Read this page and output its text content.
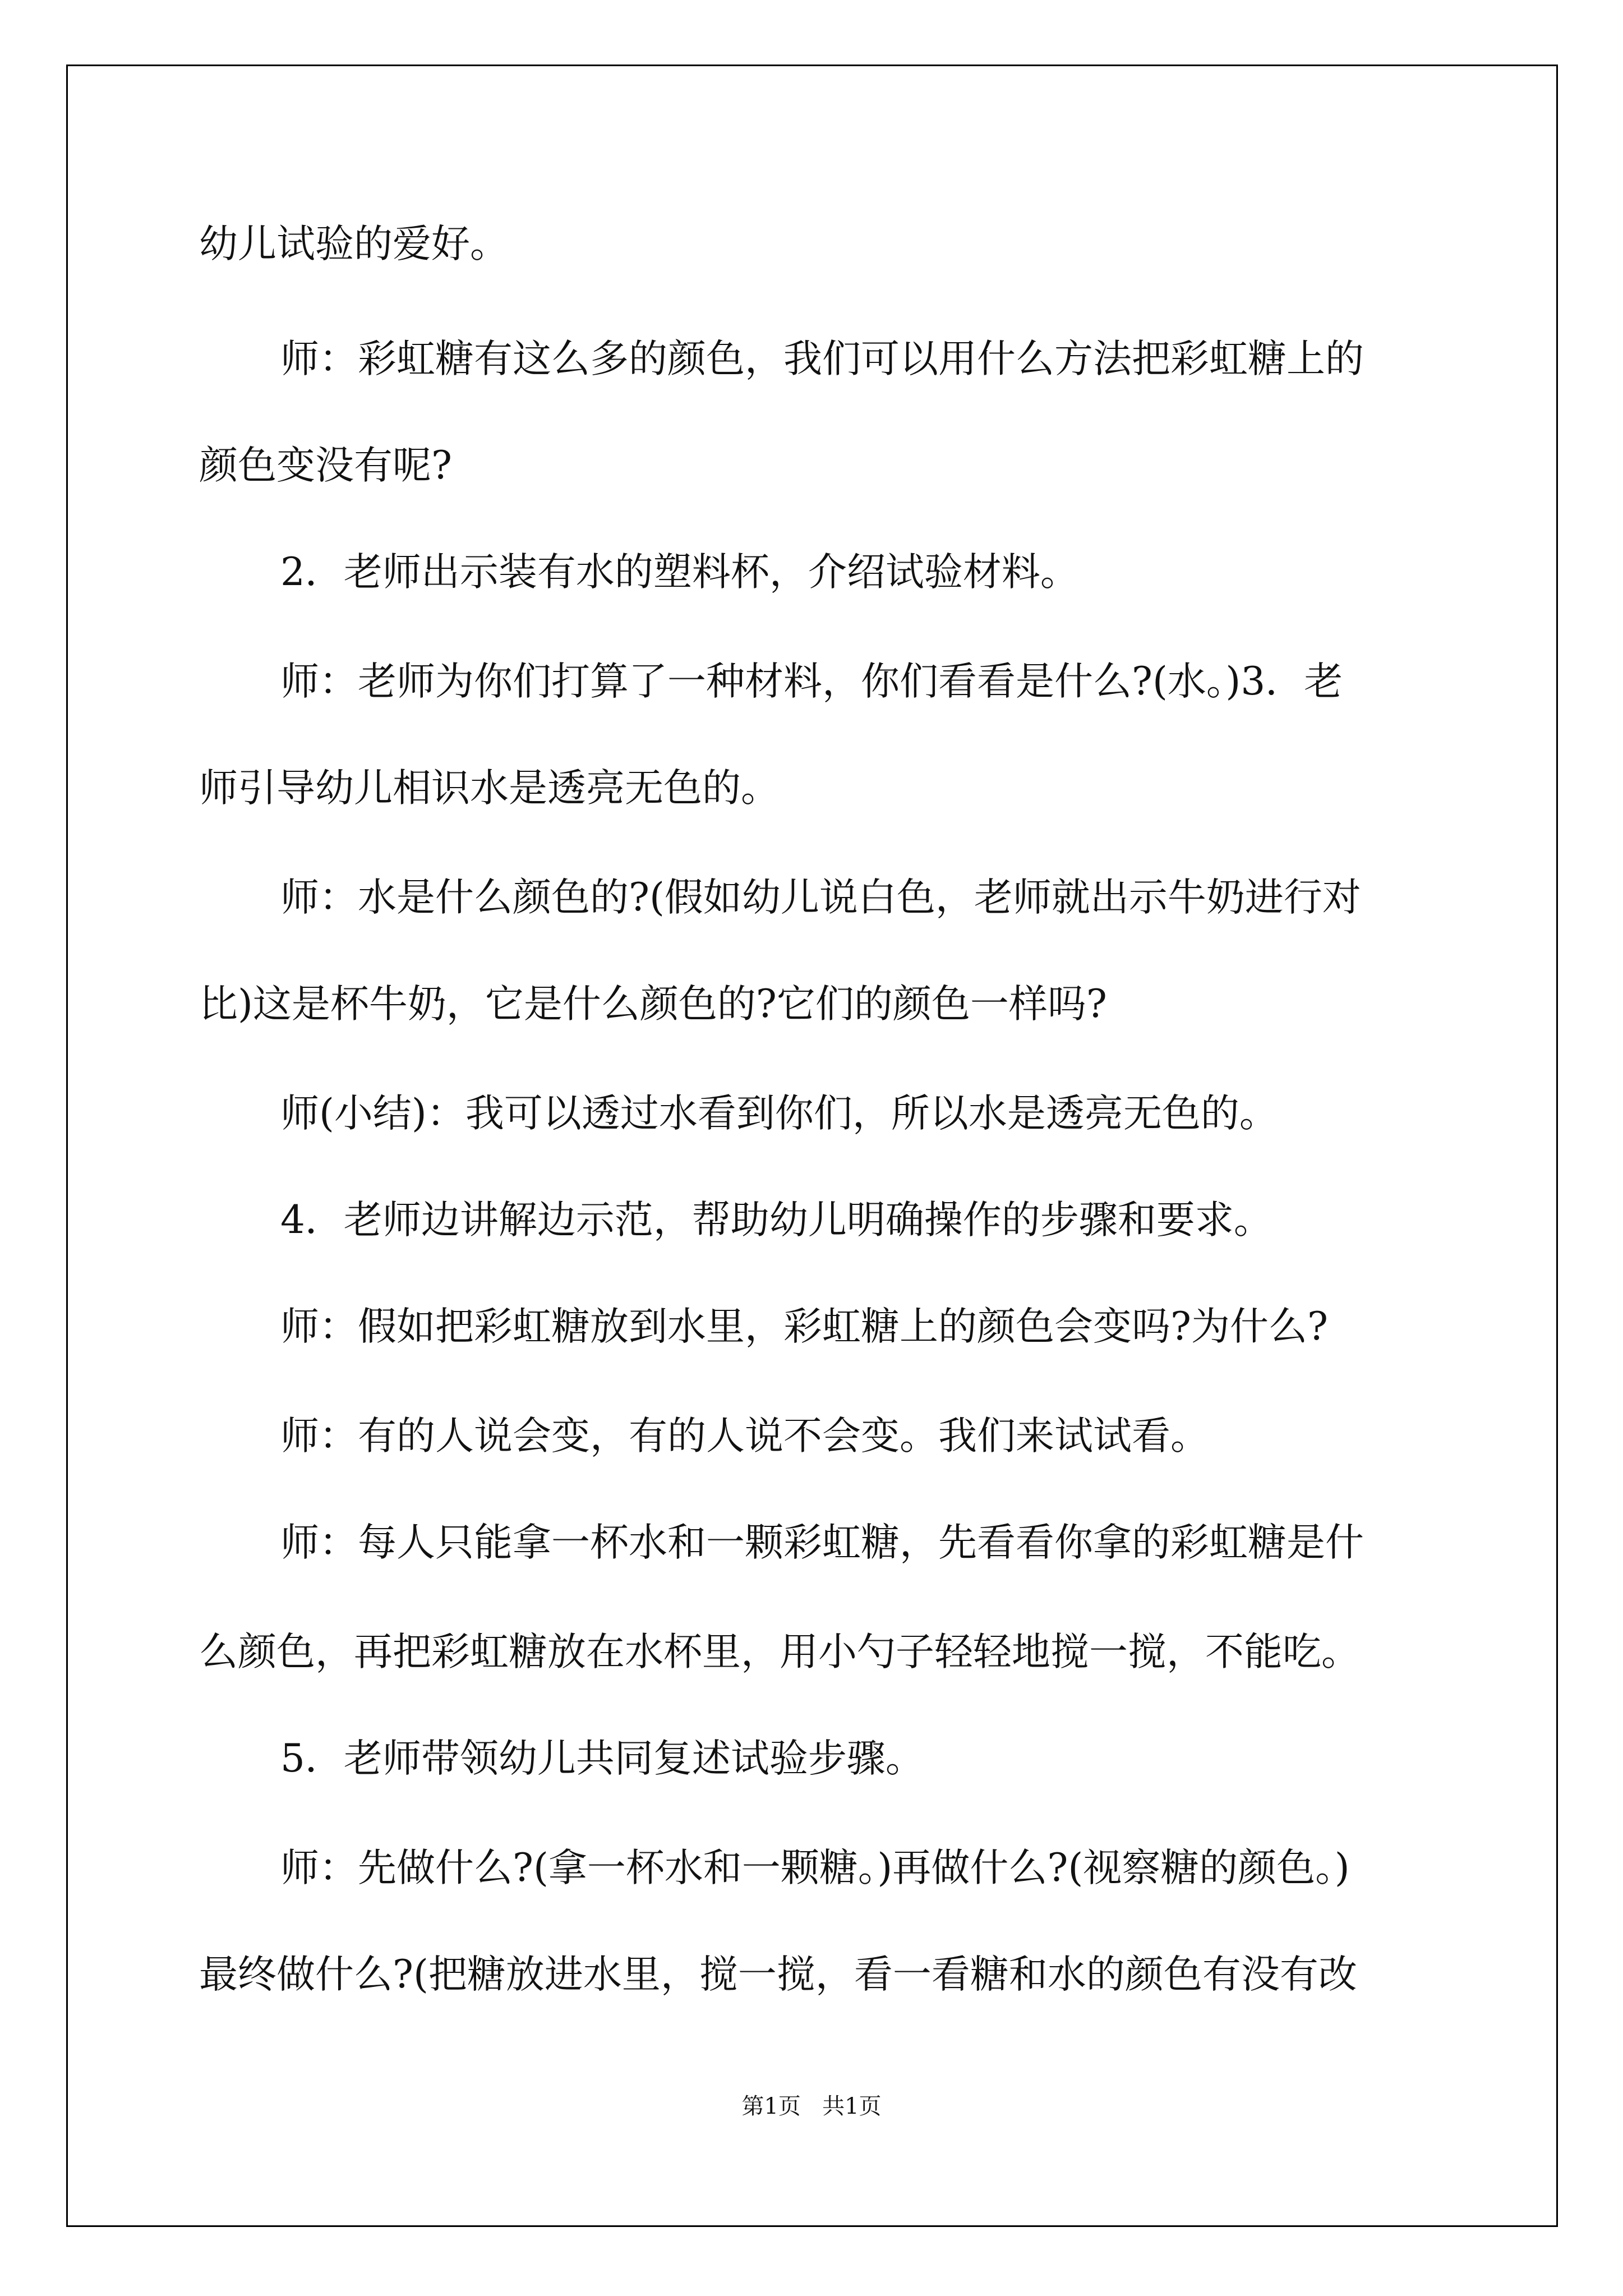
幼儿试验的爱好。
师：彩虹糖有这么多的颜色，我们可以用什么方法把彩虹糖上的
颜色变没有呢?
2．老师出示装有水的塑料杯，介绍试验材料。
师：老师为你们打算了一种材料，你们看看是什么?(水。)3．老
师引导幼儿相识水是透亮无色的。
师：水是什么颜色的?(假如幼儿说白色，老师就出示牛奶进行对
比)这是杯牛奶，它是什么颜色的?它们的颜色一样吗?
师(小结)：我可以透过水看到你们，所以水是透亮无色的。
4．老师边讲解边示范，帮助幼儿明确操作的步骤和要求。
师：假如把彩虹糖放到水里，彩虹糖上的颜色会变吗?为什么?
师：有的人说会变，有的人说不会变。我们来试试看。
师：每人只能拿一杯水和一颗彩虹糖，先看看你拿的彩虹糖是什
么颜色，再把彩虹糖放在水杯里，用小勺子轻轻地搅一搅，不能吃。
5．老师带领幼儿共同复述试验步骤。
师：先做什么?(拿一杯水和一颗糖。)再做什么?(视察糖的颜色。)
最终做什么?(把糖放进水里，搅一搅，看一看糖和水的颜色有没有改
第1页 共1页
